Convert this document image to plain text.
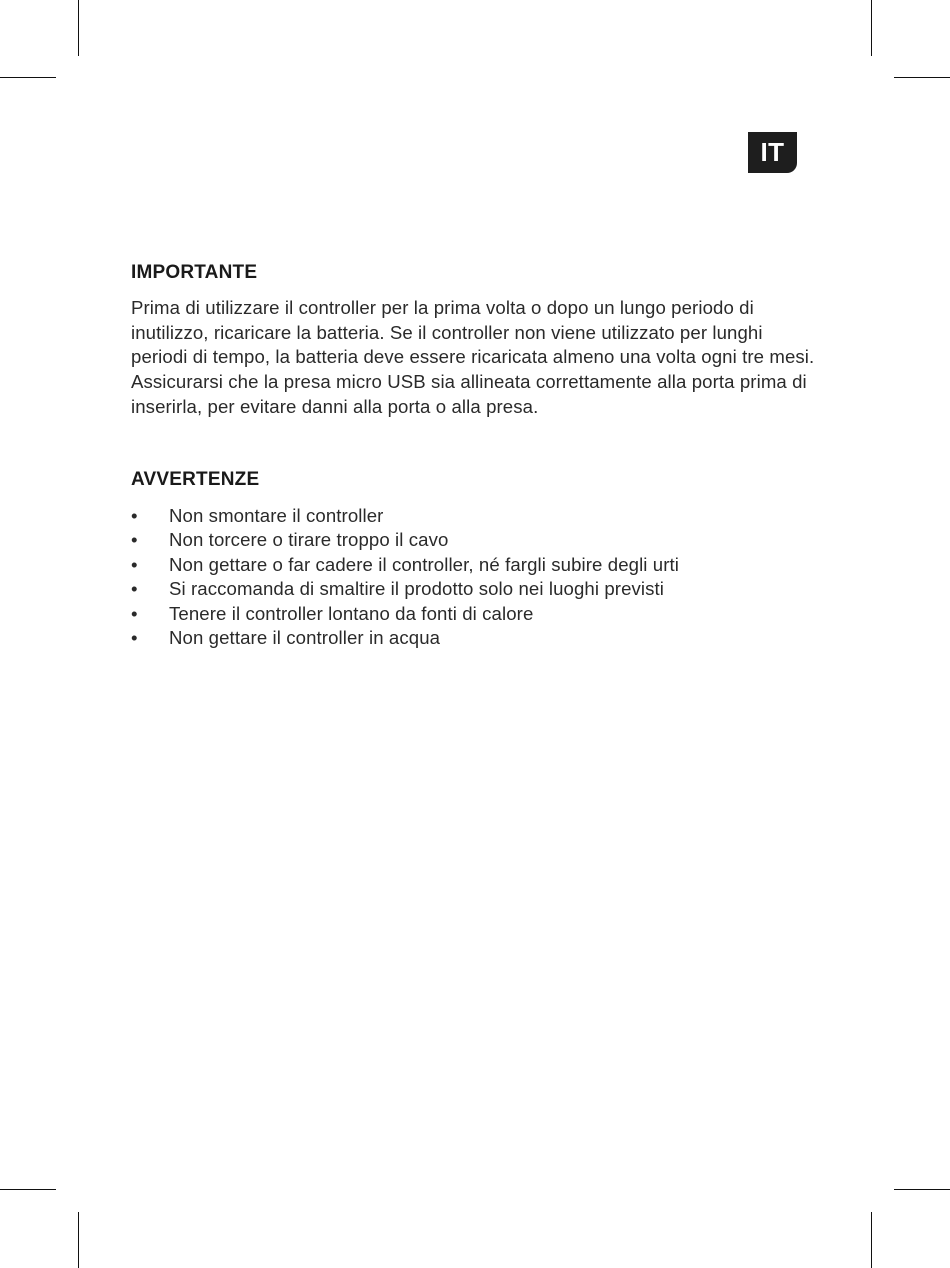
IT
IMPORTANTE

Prima di utilizzare il controller per la prima volta o dopo un lungo periodo di inutilizzo, ricaricare la batteria. Se il controller non viene utilizzato per lunghi periodi di tempo, la batteria deve essere ricaricata almeno una volta ogni tre mesi. Assicurarsi che la presa micro USB sia allineata correttamente alla porta prima di inserirla, per evitare danni alla porta o alla presa.

AVVERTENZE
•	Non smontare il controller
•	Non torcere o tirare troppo il cavo
•	Non gettare o far cadere il controller, né fargli subire degli urti
•	Si raccomanda di smaltire il prodotto solo nei luoghi previsti
•	Tenere il controller lontano da fonti di calore
•	Non gettare il controller in acqua
